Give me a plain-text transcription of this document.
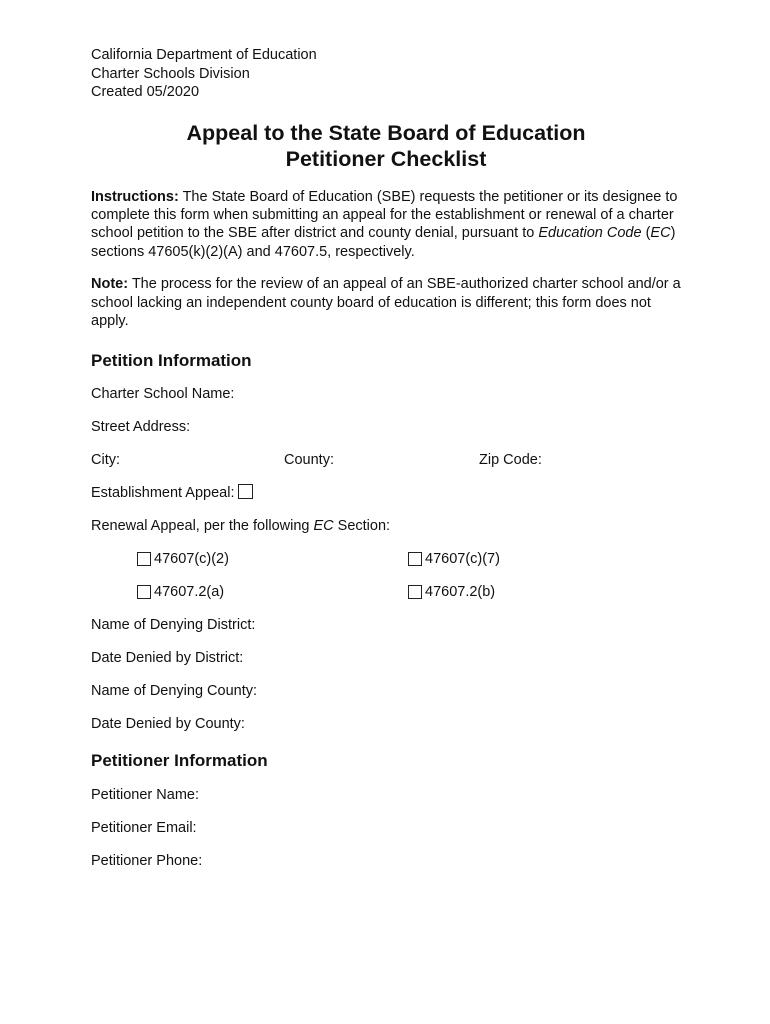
California Department of Education
Charter Schools Division
Created 05/2020
Appeal to the State Board of Education
Petitioner Checklist
Instructions: The State Board of Education (SBE) requests the petitioner or its designee to complete this form when submitting an appeal for the establishment or renewal of a charter school petition to the SBE after district and county denial, pursuant to Education Code (EC) sections 47605(k)(2)(A) and 47607.5, respectively.
Note: The process for the review of an appeal of an SBE-authorized charter school and/or a school lacking an independent county board of education is different; this form does not apply.
Petition Information
Charter School Name:
Street Address:
City:	County:	Zip Code:
Establishment Appeal:
Renewal Appeal, per the following EC Section:
47607(c)(2)	47607(c)(7)
47607.2(a)	47607.2(b)
Name of Denying District:
Date Denied by District:
Name of Denying County:
Date Denied by County:
Petitioner Information
Petitioner Name:
Petitioner Email:
Petitioner Phone:
